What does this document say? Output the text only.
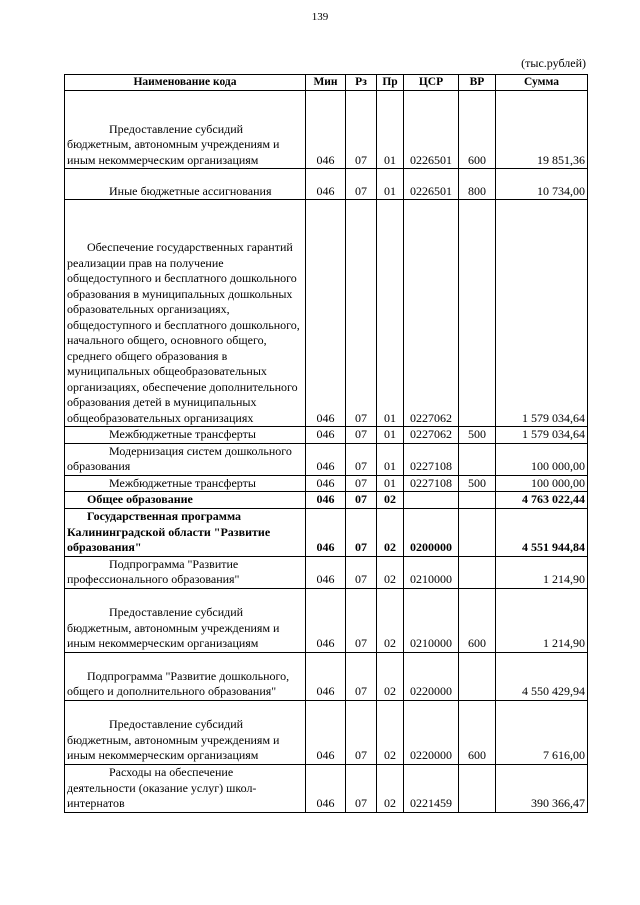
139
(тыс.рублей)
Наименование кода	Мин	Рз	Пр	ЦСР	ВР	Сумма
Предоставление субсидий бюджетным, автономным учреждениям и иным некоммерческим организациям	046	07	01	0226501	600	19 851,36
Иные бюджетные ассигнования	046	07	01	0226501	800	10 734,00
Обеспечение государственных гарантий реализации прав на получение общедоступного и бесплатного дошкольного образования в муниципальных дошкольных образовательных организациях, общедоступного и бесплатного дошкольного, начального общего, основного общего, среднего общего образования в муниципальных общеобразовательных организациях, обеспечение дополнительного образования детей в муниципальных общеобразовательных организациях	046	07	01	0227062		1 579 034,64
Межбюджетные трансферты	046	07	01	0227062	500	1 579 034,64
Модернизация систем дошкольного образования	046	07	01	0227108		100 000,00
Межбюджетные трансферты	046	07	01	0227108	500	100 000,00
Общее образование	046	07	02			4 763 022,44
Государственная программа Калининградской области "Развитие образования"	046	07	02	0200000		4 551 944,84
Подпрограмма "Развитие профессионального образования"	046	07	02	0210000		1 214,90
Предоставление субсидий бюджетным, автономным учреждениям и иным некоммерческим организациям	046	07	02	0210000	600	1 214,90
Подпрограмма "Развитие дошкольного, общего и дополнительного образования"	046	07	02	0220000		4 550 429,94
Предоставление субсидий бюджетным, автономным учреждениям и иным некоммерческим организациям	046	07	02	0220000	600	7 616,00
Расходы на обеспечение деятельности (оказание услуг) школ-интернатов	046	07	02	0221459		390 366,47
